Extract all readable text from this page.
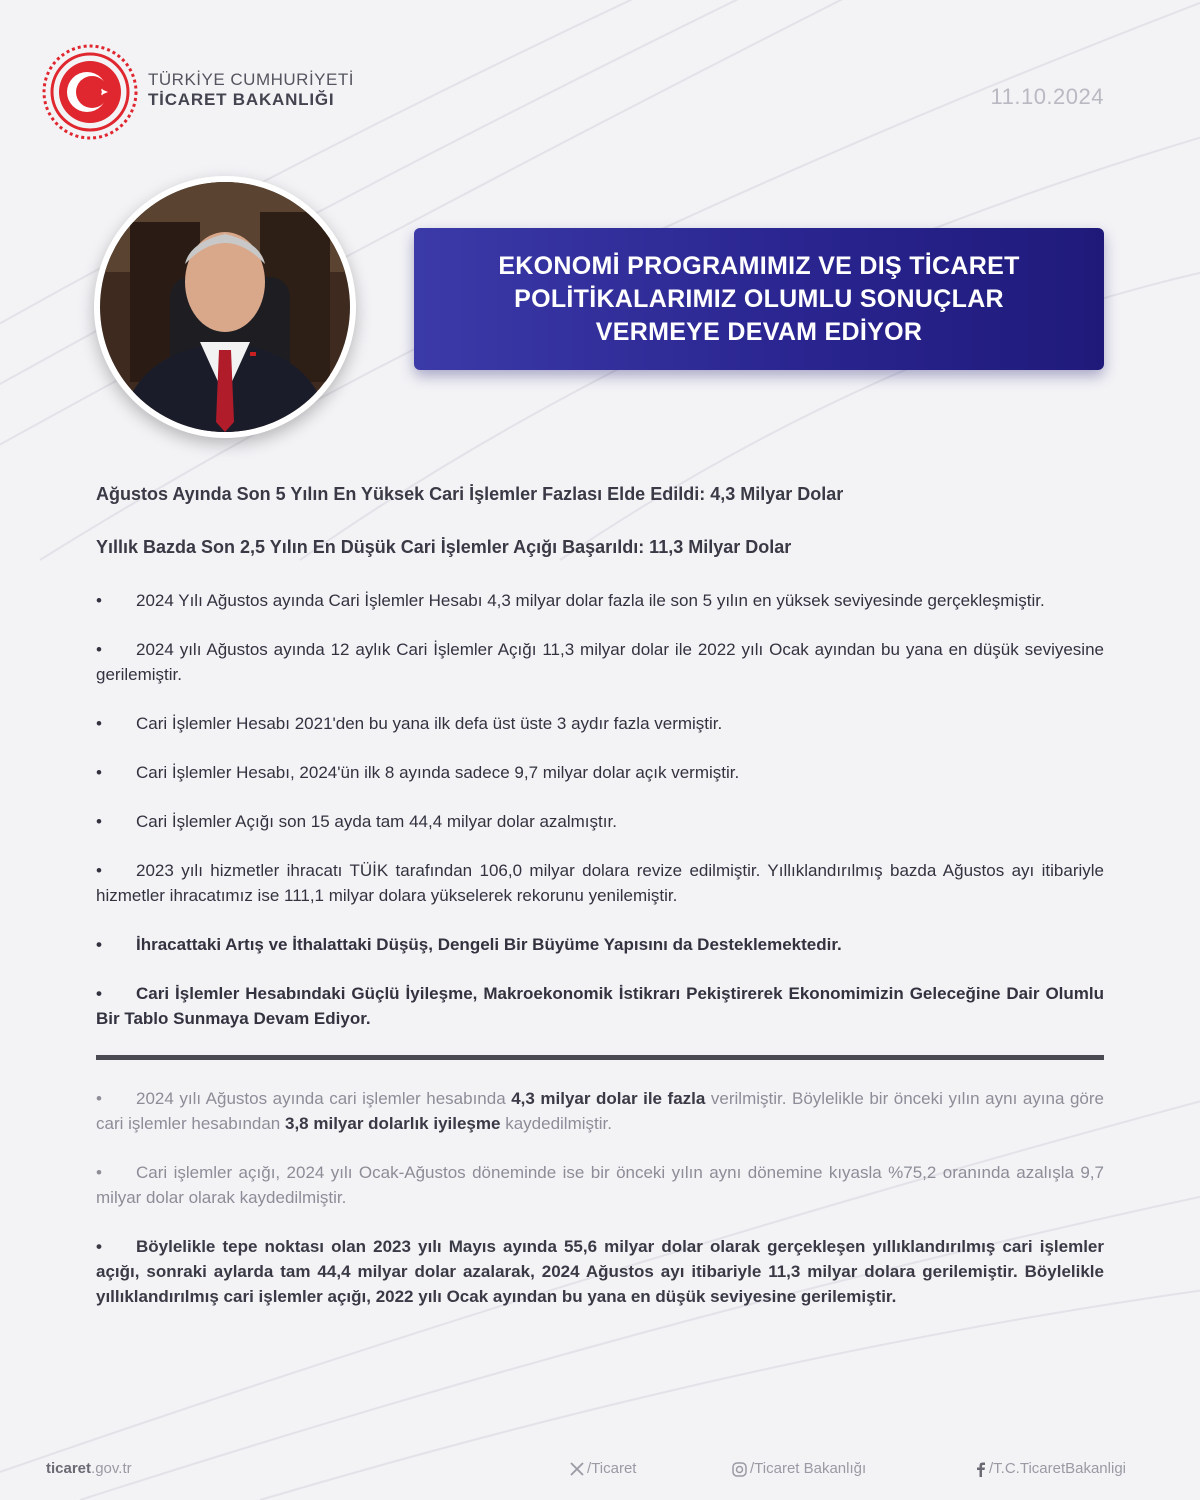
TÜRKİYE CUMHURİYETİ
TİCARET BAKANLIĞI	11.10.2024
EKONOMİ PROGRAMIMIZ VE DIŞ TİCARET POLİTİKALARIMIZ OLUMLU SONUÇLAR VERMEYE DEVAM EDİYOR

Ağustos Ayında Son 5 Yılın En Yüksek Cari İşlemler Fazlası Elde Edildi: 4,3 Milyar Dolar

Yıllık Bazda Son 2,5 Yılın En Düşük Cari İşlemler Açığı Başarıldı: 11,3 Milyar Dolar

• 2024 Yılı Ağustos ayında Cari İşlemler Hesabı 4,3 milyar dolar fazla ile son 5 yılın en yüksek seviyesinde gerçekleşmiştir.

• 2024 yılı Ağustos ayında 12 aylık Cari İşlemler Açığı 11,3 milyar dolar ile 2022 yılı Ocak ayından bu yana en düşük seviyesine gerilemiştir.

• Cari İşlemler Hesabı 2021'den bu yana ilk defa üst üste 3 aydır fazla vermiştir.

• Cari İşlemler Hesabı, 2024'ün ilk 8 ayında sadece 9,7 milyar dolar açık vermiştir.

• Cari İşlemler Açığı son 15 ayda tam 44,4 milyar dolar azalmıştır.

• 2023 yılı hizmetler ihracatı TÜİK tarafından 106,0 milyar dolara revize edilmiştir. Yıllıklandırılmış bazda Ağustos ayı itibariyle hizmetler ihracatımız ise 111,1 milyar dolara yükselerek rekorunu yenilemiştir.

• İhracattaki Artış ve İthalattaki Düşüş, Dengeli Bir Büyüme Yapısını da Desteklemektedir.

• Cari İşlemler Hesabındaki Güçlü İyileşme, Makroekonomik İstikrarı Pekiştirerek Ekonomimizin Geleceğine Dair Olumlu Bir Tablo Sunmaya Devam Ediyor.

• 2024 yılı Ağustos ayında cari işlemler hesabında 4,3 milyar dolar ile fazla verilmiştir. Böylelikle bir önceki yılın aynı ayına göre cari işlemler hesabından 3,8 milyar dolarlık iyileşme kaydedilmiştir.

• Cari işlemler açığı, 2024 yılı Ocak-Ağustos döneminde ise bir önceki yılın aynı dönemine kıyasla %75,2 oranında azalışla 9,7 milyar dolar olarak kaydedilmiştir.

• Böylelikle tepe noktası olan 2023 yılı Mayıs ayında 55,6 milyar dolar olarak gerçekleşen yıllıklandırılmış cari işlemler açığı, sonraki aylarda tam 44,4 milyar dolar azalarak, 2024 Ağustos ayı itibariyle 11,3 milyar dolara gerilemiştir. Böylelikle yıllıklandırılmış cari işlemler açığı, 2022 yılı Ocak ayından bu yana en düşük seviyesine gerilemiştir.

ticaret.gov.tr	/Ticaret	/Ticaret Bakanlığı	/T.C.TicaretBakanligi
